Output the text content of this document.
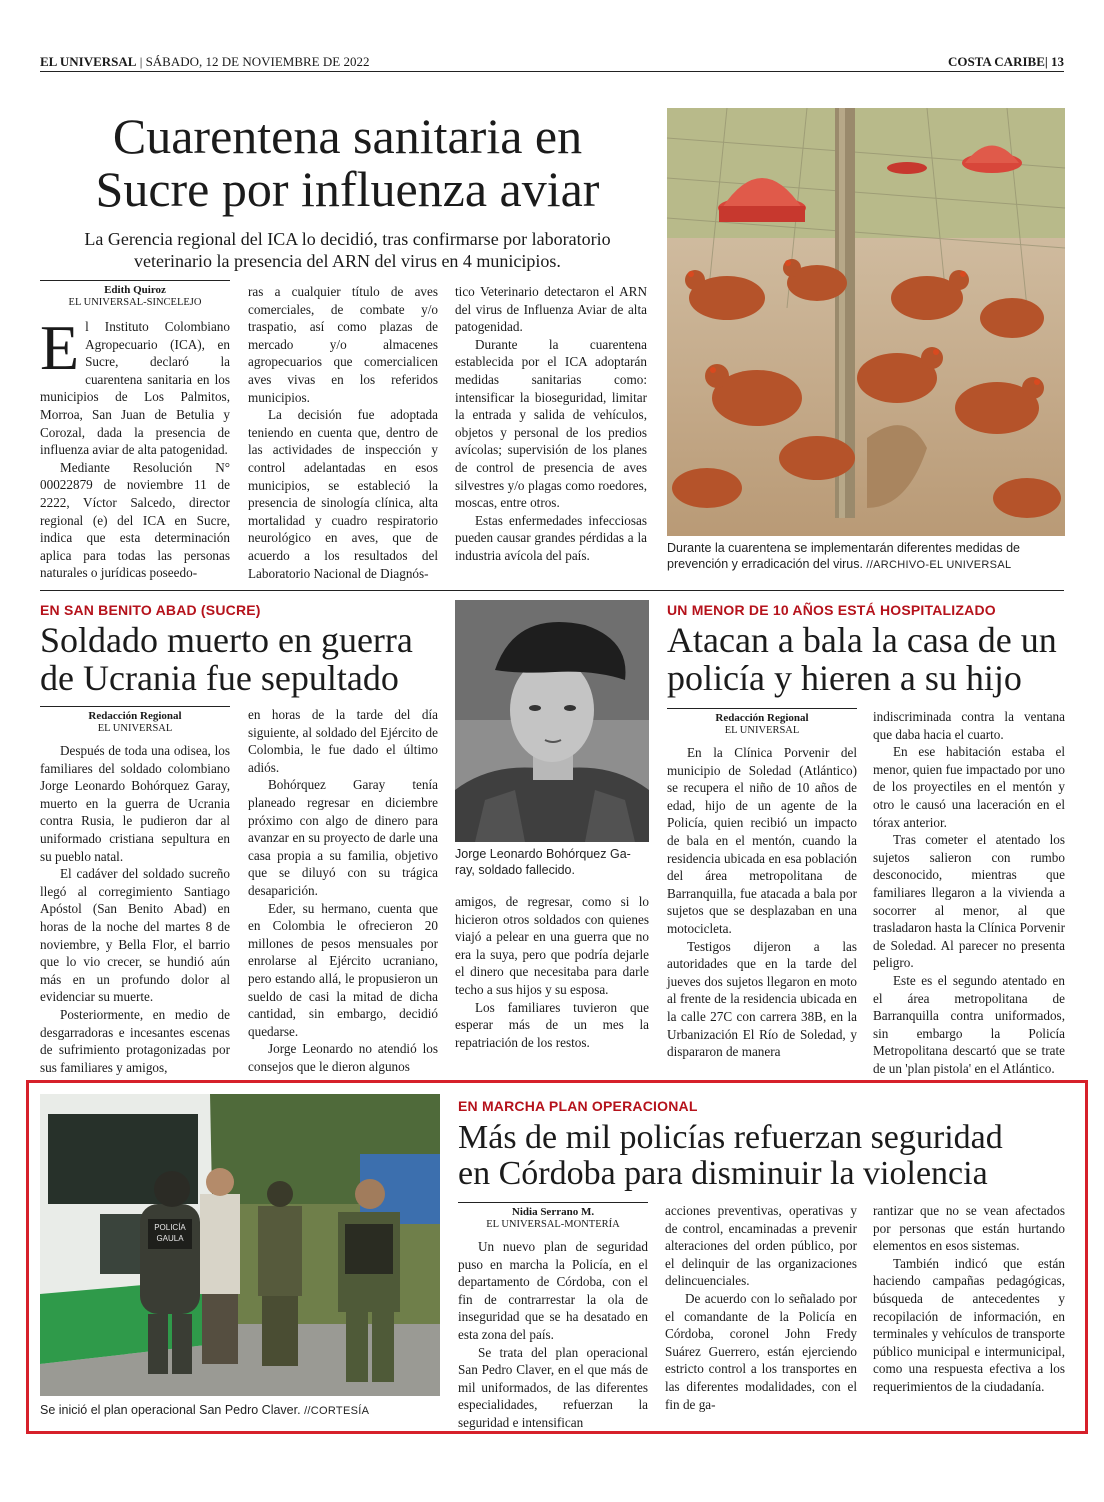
EL UNIVERSAL | SÁBADO, 12 DE NOVIEMBRE DE 2022	COSTA CARIBE| 13
Cuarentena sanitaria en
Sucre por influenza aviar
La Gerencia regional del ICA lo decidió, tras confirmarse por laboratorio
veterinario la presencia del ARN del virus en 4 municipios.
Edith Quiroz
EL UNIVERSAL-SINCELEJO
E l Instituto Colombiano Agropecuario (ICA), en Sucre, declaró la cuarentena sanitaria en los municipios de Los Palmitos, Morroa, San Juan de Betulia y Corozal, dada la presencia de influenza aviar de alta patogenidad.

Mediante Resolución N° 00022879 de noviembre 11 de 2222, Víctor Salcedo, director regional (e) del ICA en Sucre, indica que esta determinación aplica para todas las personas naturales o jurídicas poseedo-

ras a cualquier título de aves comerciales, de combate y/o traspatio, así como plazas de mercado y/o almacenes agropecuarios que comercialicen aves vivas en los referidos municipios.

La decisión fue adoptada teniendo en cuenta que, dentro de las actividades de inspección y control adelantadas en esos municipios, se estableció la presencia de sinología clínica, alta mortalidad y cuadro respiratorio neurológico en aves, que de acuerdo a los resultados del Laboratorio Nacional de Diagnós-

tico Veterinario detectaron el ARN del virus de Influenza Aviar de alta patogenidad.

Durante la cuarentena establecida por el ICA adoptarán medidas sanitarias como: intensificar la bioseguridad, limitar la entrada y salida de vehículos, objetos y personal de los predios avícolas; supervisión de los planes de control de presencia de aves silvestres y/o plagas como roedores, moscas, entre otros.

Estas enfermedades infecciosas pueden causar grandes pérdidas a la industria avícola del país.	Durante la cuarentena se implementarán diferentes medidas de
prevención y erradicación del virus. //ARCHIVO-EL UNIVERSAL
EN SAN BENITO ABAD (SUCRE)
Soldado muerto en guerra
de Ucrania fue sepultado
Redacción Regional
EL UNIVERSAL

Después de toda una odisea, los familiares del soldado colombiano Jorge Leonardo Bohórquez Garay, muerto en la guerra de Ucrania contra Rusia, le pudieron dar al uniformado cristiana sepultura en su pueblo natal.

El cadáver del soldado sucreño llegó al corregimiento Santiago Apóstol (San Benito Abad) en horas de la noche del martes 8 de noviembre, y Bella Flor, el barrio que lo vio crecer, se hundió aún más en un profundo dolor al evidenciar su muerte.

Posteriormente, en medio de desgarradoras e incesantes escenas de sufrimiento protagonizadas por sus familiares y amigos,

en horas de la tarde del día siguiente, al soldado del Ejército de Colombia, le fue dado el último adiós.

Bohórquez Garay tenía planeado regresar en diciembre próximo con algo de dinero para avanzar en su proyecto de darle una casa propia a su familia, objetivo que se diluyó con su trágica desaparición.

Eder, su hermano, cuenta que en Colombia le ofrecieron 20 millones de pesos mensuales por enrolarse al Ejército ucraniano, pero estando allá, le propusieron un sueldo de casi la mitad de dicha cantidad, sin embargo, decidió quedarse.

Jorge Leonardo no atendió los consejos que le dieron algunos

Jorge Leonardo Bohórquez Ga-
ray, soldado fallecido.

amigos, de regresar, como si lo hicieron otros soldados con quienes viajó a pelear en una guerra que no era la suya, pero que podría dejarle el dinero que necesitaba para darle techo a sus hijos y su esposa.

Los familiares tuvieron que esperar más de un mes la repatriación de los restos.

UN MENOR DE 10 AÑOS ESTÁ HOSPITALIZADO
Atacan a bala la casa de un
policía y hieren a su hijo
Redacción Regional
EL UNIVERSAL

En la Clínica Porvenir del municipio de Soledad (Atlántico) se recupera el niño de 10 años de edad, hijo de un agente de la Policía, quien recibió un impacto de bala en el mentón, cuando la residencia ubicada en esa población del área metropolitana de Barranquilla, fue atacada a bala por sujetos que se desplazaban en una motocicleta.

Testigos dijeron a las autoridades que en la tarde del jueves dos sujetos llegaron en moto al frente de la residencia ubicada en la calle 27C con carrera 38B, en la Urbanización El Río de Soledad, y dispararon de manera

indiscriminada contra la ventana que daba hacia el cuarto.

En ese habitación estaba el menor, quien fue impactado por uno de los proyectiles en el mentón y otro le causó una laceración en el tórax anterior.

Tras cometer el atentado los sujetos salieron con rumbo desconocido, mientras que familiares llegaron a la vivienda a socorrer al menor, al que trasladaron hasta la Clínica Porvenir de Soledad. Al parecer no presenta peligro.

Este es el segundo atentado en el área metropolitana de Barranquilla contra uniformados, sin embargo la Policía Metropolitana descartó que se trate de un 'plan pistola' en el Atlántico.

POLICÍA
GAULA
Se inició el plan operacional San Pedro Claver. //CORTESÍA
EN MARCHA PLAN OPERACIONAL
Más de mil policías refuerzan seguridad
en Córdoba para disminuir la violencia
Nidia Serrano M.
EL UNIVERSAL-MONTERÍA

Un nuevo plan de seguridad puso en marcha la Policía, en el departamento de Córdoba, con el fin de contrarrestar la ola de inseguridad que se ha desatado en esta zona del país.

Se trata del plan operacional San Pedro Claver, en el que más de mil uniformados, de las diferentes especialidades, refuerzan la seguridad e intensifican

acciones preventivas, operativas y de control, encaminadas a prevenir alteraciones del orden público, por el delinquir de las organizaciones delincuenciales.

De acuerdo con lo señalado por el comandante de la Policía en Córdoba, coronel John Fredy Suárez Guerrero, están ejerciendo estricto control a los transportes en las diferentes modalidades, con el fin de ga-

rantizar que no se vean afectados por personas que están hurtando elementos en esos sistemas.

También indicó que están haciendo campañas pedagógicas, búsqueda de antecedentes y recopilación de información, en terminales y vehículos de transporte público municipal e intermunicipal, como una respuesta efectiva a los requerimientos de la ciudadanía.
